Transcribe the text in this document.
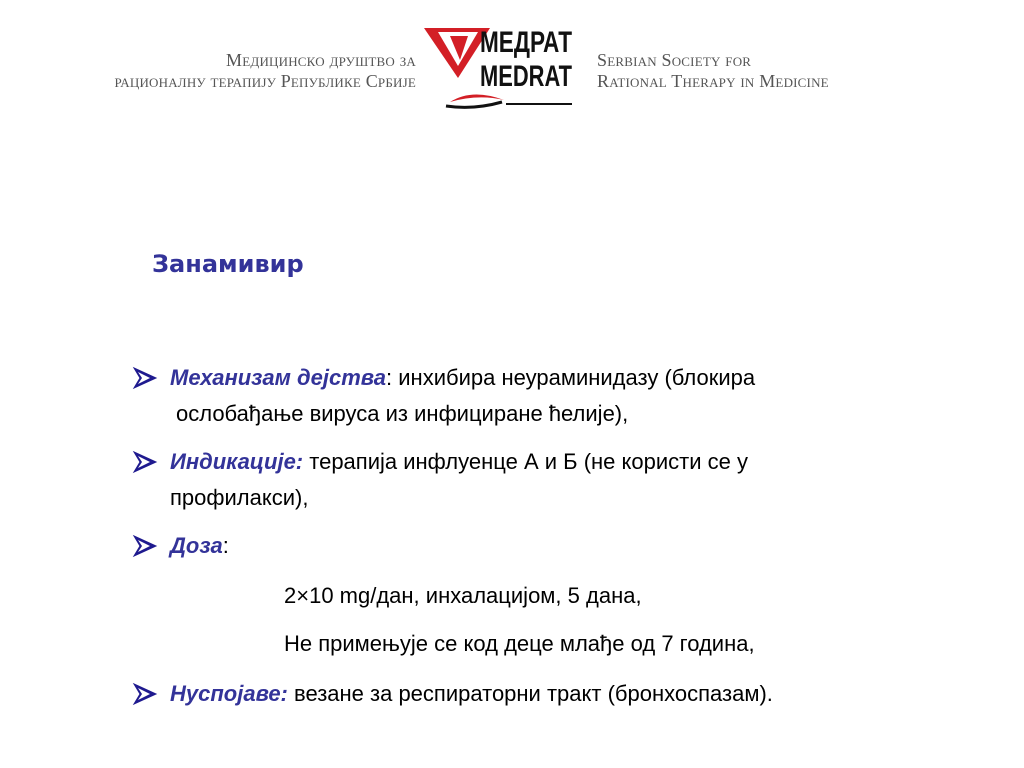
Медицинско друштво за
рационалну терапију Републике Србије
МЕДРАТ
MEDRAT Serbian Society for
Rational Therapy in Medicine
Занамивир
Механизам дејства: инхибира неураминидазу (блокира
ослобађање вируса из инфициране ћелије),
Индикације: терапија инфлуенце А и Б (не користи се у
профилакси),
Доза:
2×10 mg/дан, инхалацијом, 5 дана,
Не примењује се код деце млађе од 7 година,
Нуспојаве: везане за респираторни тракт (бронхоспазам).
